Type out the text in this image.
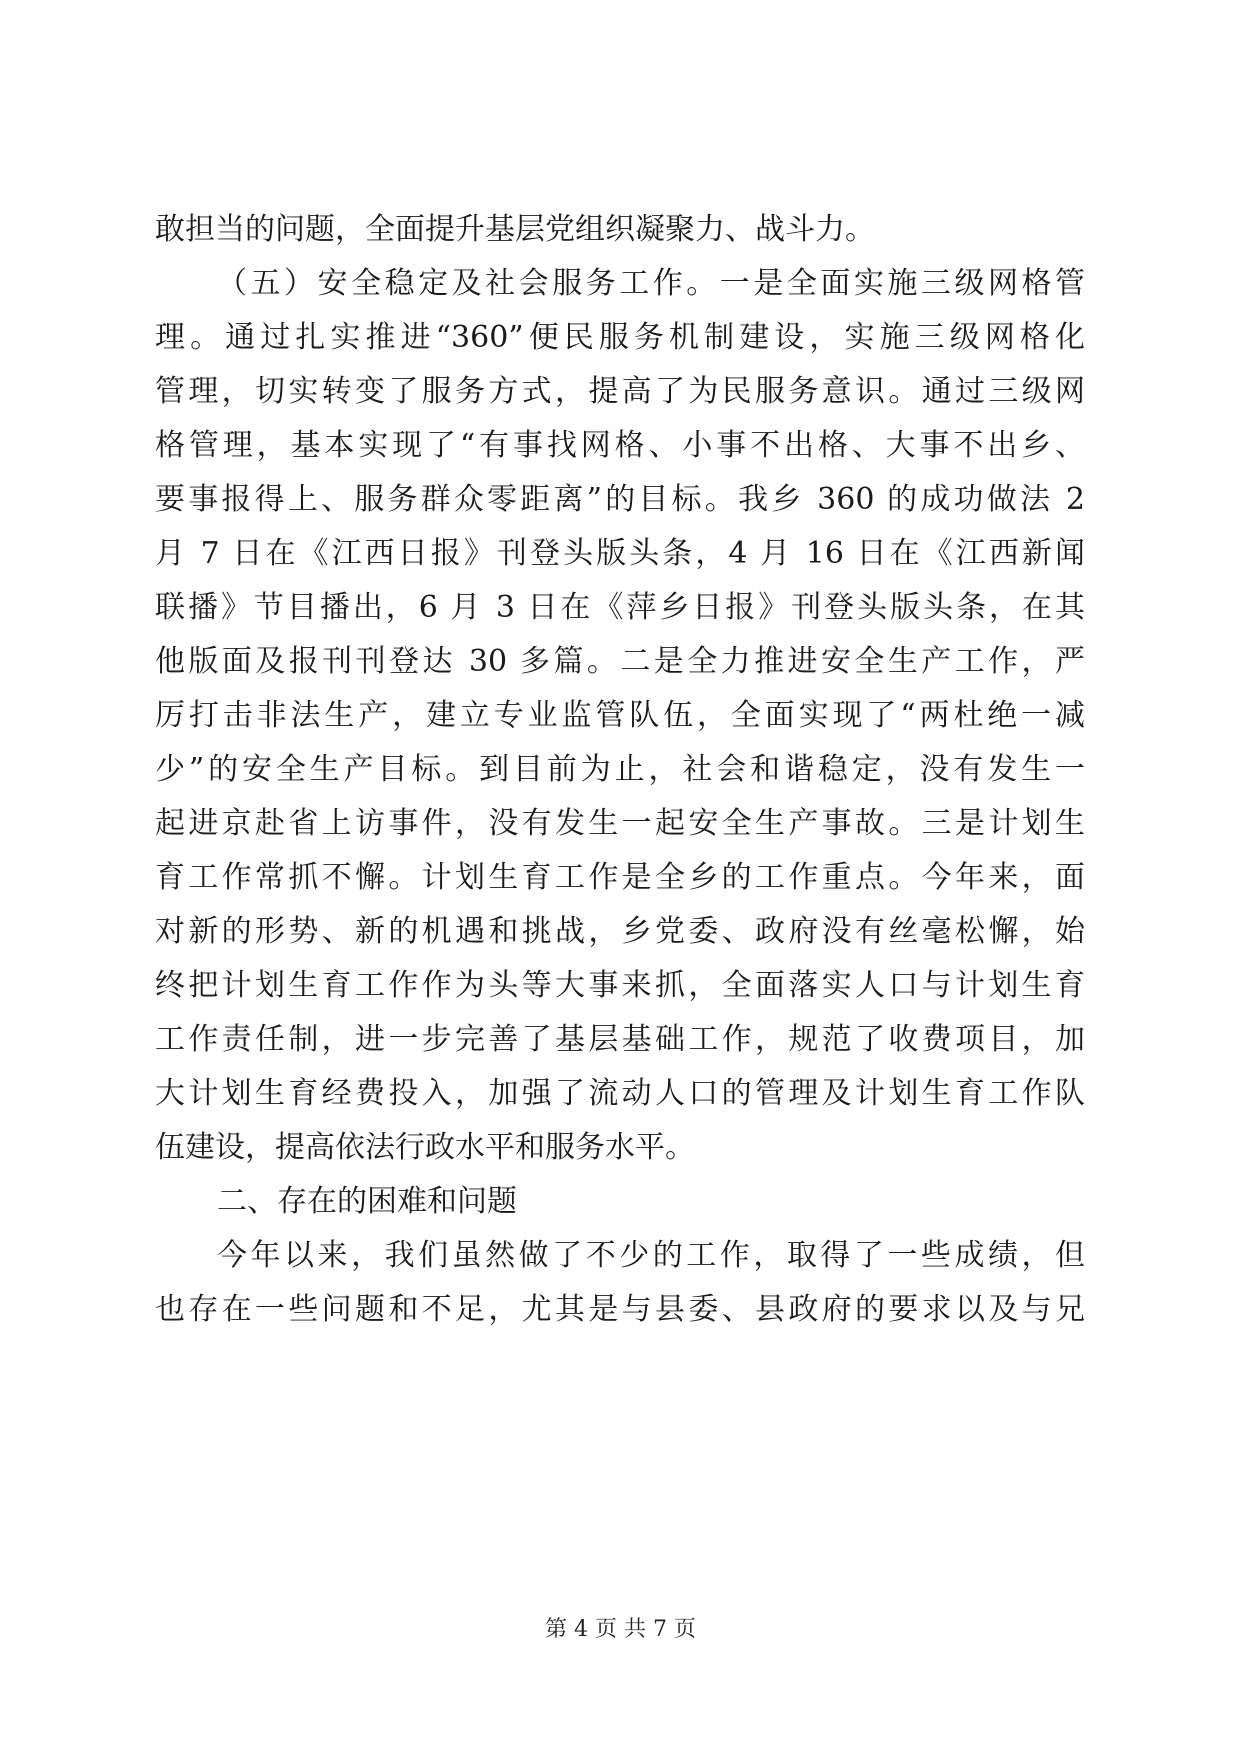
敢担当的问题，全面提升基层党组织凝聚力、战斗力。
（五）安全稳定及社会服务工作。一是全面实施三级网格管
理。通过扎实推进“360”便民服务机制建设，实施三级网格化
管理，切实转变了服务方式，提高了为民服务意识。通过三级网
格管理，基本实现了“有事找网格、小事不出格、大事不出乡、
要事报得上、服务群众零距离”的目标。我乡 360 的成功做法 2
月 7 日在《江西日报》刊登头版头条，4 月 16 日在《江西新闻
联播》节目播出，6 月 3 日在《萍乡日报》刊登头版头条，在其
他版面及报刊刊登达 30 多篇。二是全力推进安全生产工作，严
厉打击非法生产，建立专业监管队伍，全面实现了“两杜绝一减
少”的安全生产目标。到目前为止，社会和谐稳定，没有发生一
起进京赴省上访事件，没有发生一起安全生产事故。三是计划生
育工作常抓不懈。计划生育工作是全乡的工作重点。今年来，面
对新的形势、新的机遇和挑战，乡党委、政府没有丝毫松懈，始
终把计划生育工作作为头等大事来抓，全面落实人口与计划生育
工作责任制，进一步完善了基层基础工作，规范了收费项目，加
大计划生育经费投入，加强了流动人口的管理及计划生育工作队
伍建设，提高依法行政水平和服务水平。
二、存在的困难和问题
今年以来，我们虽然做了不少的工作，取得了一些成绩，但
也存在一些问题和不足，尤其是与县委、县政府的要求以及与兄
第 4 页 共 7 页
